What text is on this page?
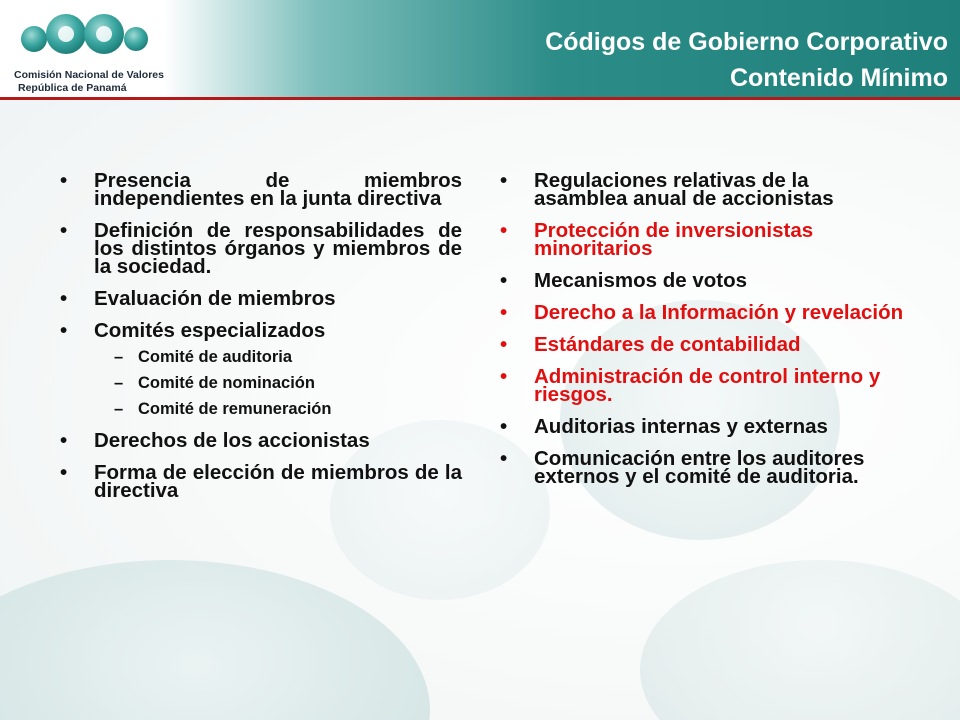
Comisión Nacional de Valores
República de Panamá
Códigos de Gobierno Corporativo
Contenido Mínimo
• Presencia de miembros independientes en la junta directiva
• Definición de responsabilidades de los distintos órganos y miembros de la sociedad.
• Evaluación de miembros
• Comités especializados
– Comité de auditoria
– Comité de nominación
– Comité de remuneración
• Derechos de los accionistas
• Forma de elección de miembros de la directiva
• Regulaciones relativas de la asamblea anual de accionistas
• Protección de inversionistas minoritarios
• Mecanismos de votos
• Derecho a la Información y revelación
• Estándares de contabilidad
• Administración de control interno y riesgos.
• Auditorias internas y externas
• Comunicación entre los auditores externos y el comité de auditoria.
